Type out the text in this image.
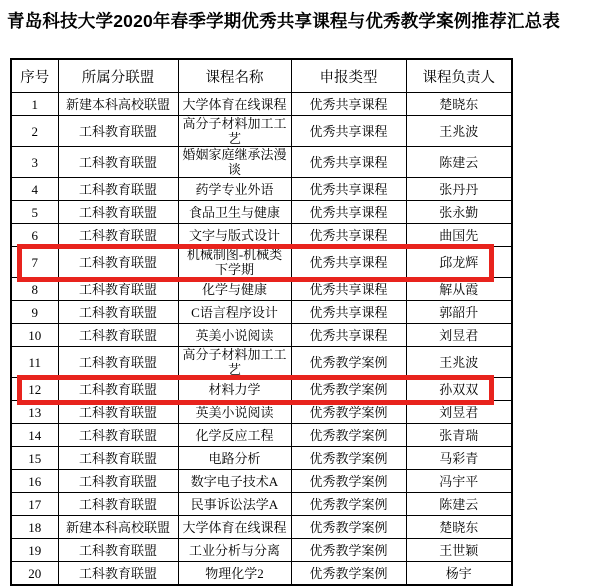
青岛科技大学2020年春季学期优秀共享课程与优秀教学案例推荐汇总表
序号	所属分联盟	课程名称	申报类型	课程负责人
1	新建本科高校联盟	大学体育在线课程	优秀共享课程	楚晓东
2	工科教育联盟	高分子材料加工工艺	优秀共享课程	王兆波
3	工科教育联盟	婚姻家庭继承法漫谈	优秀共享课程	陈建云
4	工科教育联盟	药学专业外语	优秀共享课程	张丹丹
5	工科教育联盟	食品卫生与健康	优秀共享课程	张永勤
6	工科教育联盟	文字与版式设计	优秀共享课程	曲国先
7	工科教育联盟	机械制图-机械类下学期	优秀共享课程	邱龙辉
8	工科教育联盟	化学与健康	优秀共享课程	解从霞
9	工科教育联盟	C语言程序设计	优秀共享课程	郭韶升
10	工科教育联盟	英美小说阅读	优秀共享课程	刘昱君
11	工科教育联盟	高分子材料加工工艺	优秀教学案例	王兆波
12	工科教育联盟	材料力学	优秀教学案例	孙双双
13	工科教育联盟	英美小说阅读	优秀教学案例	刘昱君
14	工科教育联盟	化学反应工程	优秀教学案例	张青瑞
15	工科教育联盟	电路分析	优秀教学案例	马彩青
16	工科教育联盟	数字电子技术A	优秀教学案例	冯宇平
17	工科教育联盟	民事诉讼法学A	优秀教学案例	陈建云
18	新建本科高校联盟	大学体育在线课程	优秀教学案例	楚晓东
19	工科教育联盟	工业分析与分离	优秀教学案例	王世颖
20	工科教育联盟	物理化学2	优秀教学案例	杨宇
